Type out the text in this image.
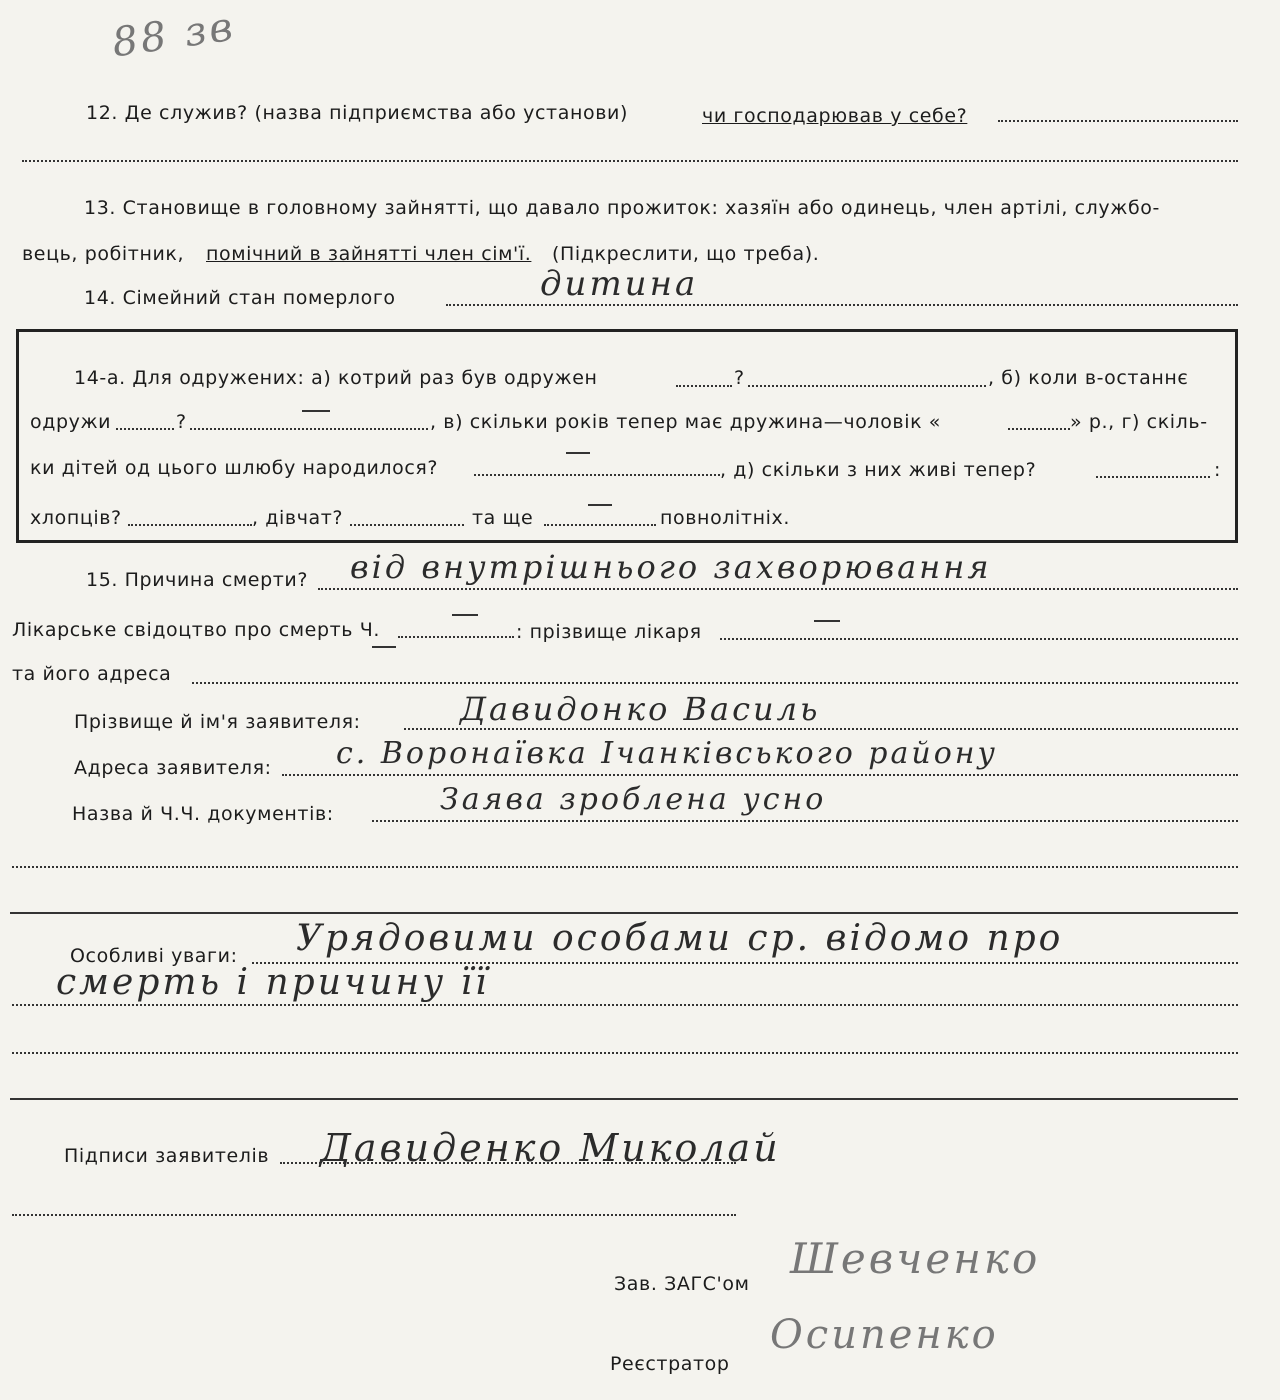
88 зв
12. Де служив? (назва підприємства або установи)	чи господарював у себе?
13. Становище в головному зайнятті, що давало прожиток: хазяїн або одинець, член артілі, службо-
вець, робітник, помічний в зайнятті член сім'ї. (Підкреслити, що треба).
14. Сімейний стан померлого	дитина
14-а. Для одружених: а) котрий раз був одружен	?	, б) коли в-останнє
одружи	?	, в) скільки років тепер має дружина—чоловік «	» р., г) скіль-
ки дітей од цього шлюбу народилося?	, д) скільки з них живі тепер?	:
хлопців?	, дівчат?	та ще	повнолітніх.
15. Причина смерти? від внутрішнього захворювання
Лікарське свідоцтво про смерть Ч.	: прізвище лікаря
та його адреса
Прізвище й ім'я заявителя:	Давидонко Василь
Адреса заявителя: с. Воронаївка Ічанківського району
Назва й Ч.Ч. документів:	Заява зроблена усно
Особливі уваги: Урядовими особами ср. відомо про
смерть і причину її
Підписи заявителів Давиденко Миколай
Зав. ЗАГС'ом
Шевченко
Реєстратор
Осипенко
